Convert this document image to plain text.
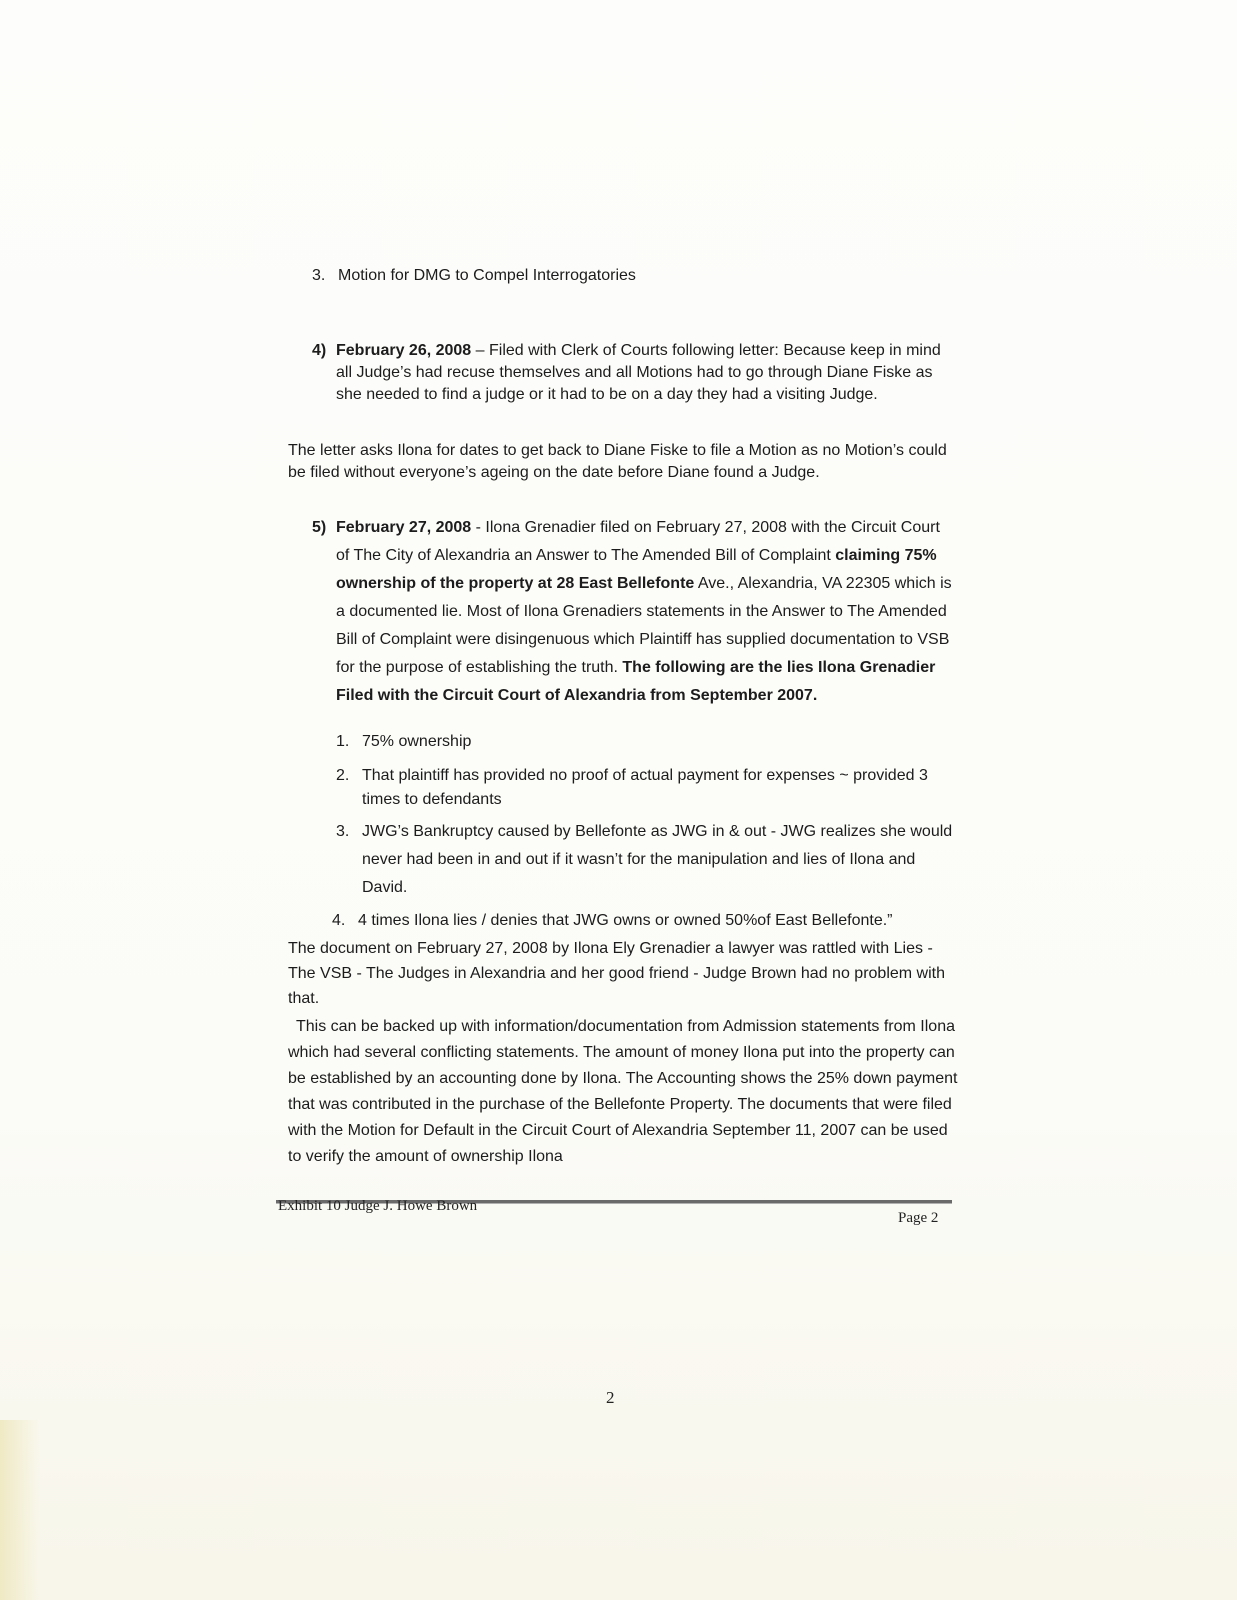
3. Motion for DMG to Compel Interrogatories
4) February 26, 2008 – Filed with Clerk of Courts following letter: Because keep in mind all Judge’s had recuse themselves and all Motions had to go through Diane Fiske as she needed to find a judge or it had to be on a day they had a visiting Judge.
The letter asks Ilona for dates to get back to Diane Fiske to file a Motion as no Motion’s could be filed without everyone’s ageing on the date before Diane found a Judge.
5) February 27, 2008 - Ilona Grenadier filed on February 27, 2008 with the Circuit Court of The City of Alexandria an Answer to The Amended Bill of Complaint claiming 75% ownership of the property at 28 East Bellefonte Ave., Alexandria, VA 22305 which is a documented lie. Most of Ilona Grenadiers statements in the Answer to The Amended Bill of Complaint were disingenuous which Plaintiff has supplied documentation to VSB for the purpose of establishing the truth. The following are the lies Ilona Grenadier Filed with the Circuit Court of Alexandria from September 2007.
1. 75% ownership
2. That plaintiff has provided no proof of actual payment for expenses ~ provided 3 times to defendants
3. JWG’s Bankruptcy caused by Bellefonte as JWG in & out - JWG realizes she would never had been in and out if it wasn’t for the manipulation and lies of Ilona and David.
4. 4 times Ilona lies / denies that JWG owns or owned 50%of East Bellefonte.”
The document on February 27, 2008 by Ilona Ely Grenadier a lawyer was rattled with Lies - The VSB - The Judges in Alexandria and her good friend - Judge Brown had no problem with that.
This can be backed up with information/documentation from Admission statements from Ilona which had several conflicting statements. The amount of money Ilona put into the property can be established by an accounting done by Ilona. The Accounting shows the 25% down payment that was contributed in the purchase of the Bellefonte Property. The documents that were filed with the Motion for Default in the Circuit Court of Alexandria September 11, 2007 can be used to verify the amount of ownership Ilona
Exhibit 10 Judge J. Howe Brown
Page 2
2
